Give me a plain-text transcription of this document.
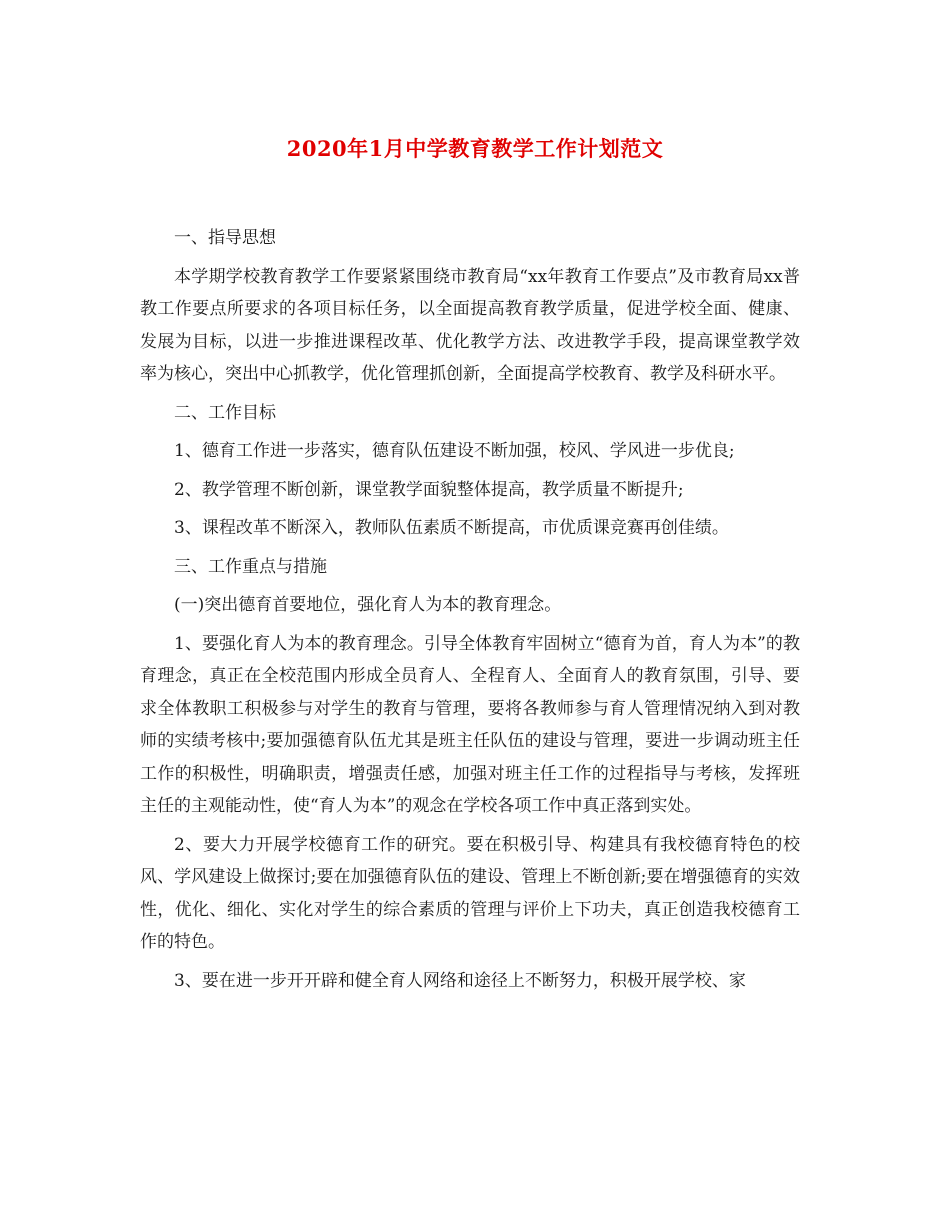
2020年1月中学教育教学工作计划范文

一、指导思想

本学期学校教育教学工作要紧紧围绕市教育局“xx年教育工作要点”及市教育局xx普教工作要点所要求的各项目标任务，以全面提高教育教学质量，促进学校全面、健康、发展为目标，以进一步推进课程改革、优化教学方法、改进教学手段，提高课堂教学效率为核心，突出中心抓教学，优化管理抓创新，全面提高学校教育、教学及科研水平。

二、工作目标

1、德育工作进一步落实，德育队伍建设不断加强，校风、学风进一步优良;

2、教学管理不断创新，课堂教学面貌整体提高，教学质量不断提升;

3、课程改革不断深入，教师队伍素质不断提高，市优质课竞赛再创佳绩。

三、工作重点与措施

(一)突出德育首要地位，强化育人为本的教育理念。

1、要强化育人为本的教育理念。引导全体教育牢固树立“德育为首，育人为本”的教育理念，真正在全校范围内形成全员育人、全程育人、全面育人的教育氛围，引导、要求全体教职工积极参与对学生的教育与管理，要将各教师参与育人管理情况纳入到对教师的实绩考核中;要加强德育队伍尤其是班主任队伍的建设与管理，要进一步调动班主任工作的积极性，明确职责，增强责任感，加强对班主任工作的过程指导与考核，发挥班主任的主观能动性，使“育人为本”的观念在学校各项工作中真正落到实处。

2、要大力开展学校德育工作的研究。要在积极引导、构建具有我校德育特色的校风、学风建设上做探讨;要在加强德育队伍的建设、管理上不断创新;要在增强德育的实效性，优化、细化、实化对学生的综合素质的管理与评价上下功夫，真正创造我校德育工作的特色。

3、要在进一步开开辟和健全育人网络和途径上不断努力，积极开展学校、家
